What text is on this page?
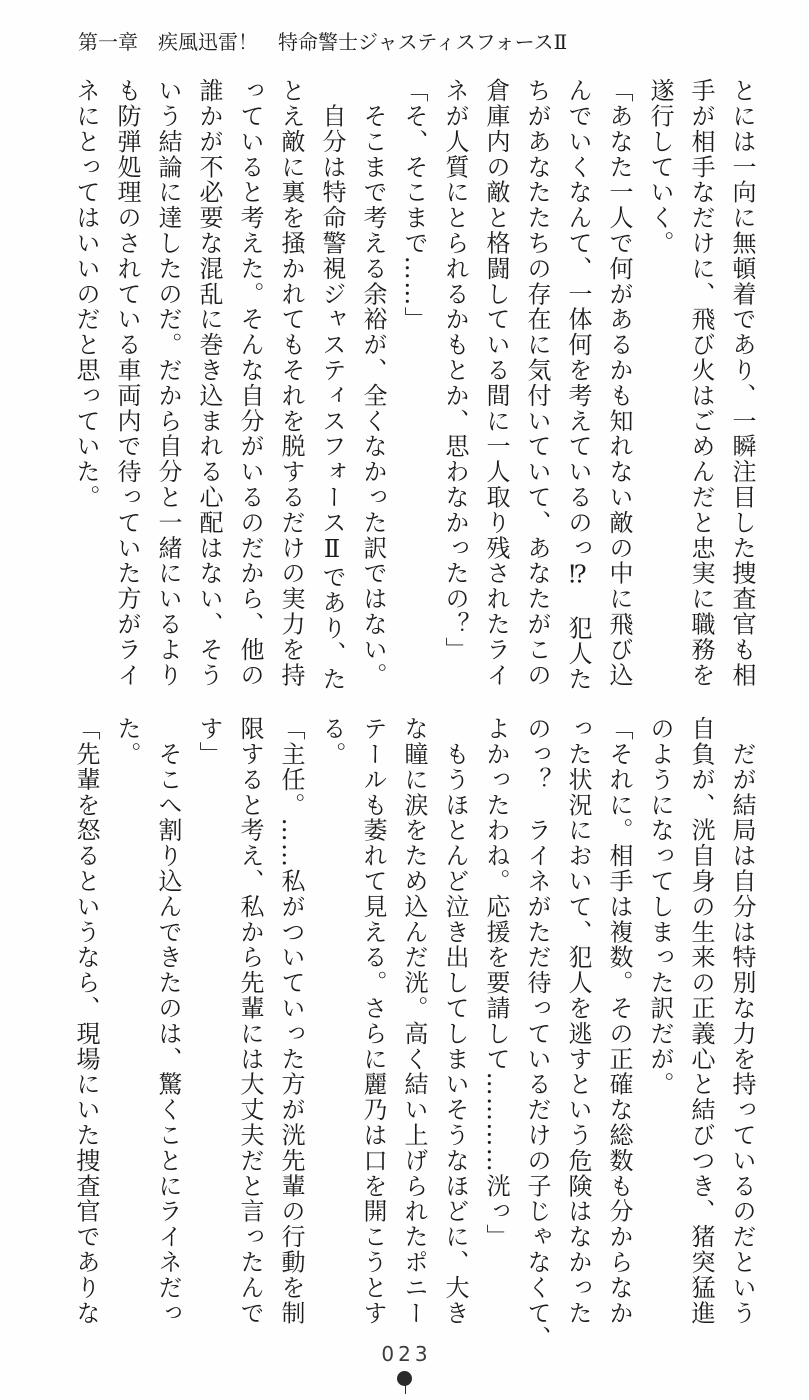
第一章　疾風迅雷！　特命警士ジャスティスフォースⅡ

とには一向に無頓着であり、一瞬注目した捜査官も相

手が相手なだけに、飛び火はごめんだと忠実に職務を

遂行していく。

「あなた一人で何があるかも知れない敵の中に飛び込

んでいくなんて、一体何を考えているのっ⁉　犯人た

ちがあなたたちの存在に気付いていて、あなたがこの

倉庫内の敵と格闘している間に一人取り残されたライ

ネが人質にとられるかもとか、思わなかったの？」

「そ、そこまで……」

　そこまで考える余裕が、全くなかった訳ではない。

　自分は特命警視ジャスティスフォースⅡであり、た

とえ敵に裏を掻かれてもそれを脱するだけの実力を持

っていると考えた。そんな自分がいるのだから、他の

誰かが不必要な混乱に巻き込まれる心配はない、そう

いう結論に達したのだ。だから自分と一緒にいるより

も防弾処理のされている車両内で待っていた方がライ

ネにとってはいいのだと思っていた。

　だが結局は自分は特別な力を持っているのだという

自負が、洸自身の生来の正義心と結びつき、猪突猛進

のようになってしまった訳だが。

「それに。相手は複数。その正確な総数も分からなか

った状況において、犯人を逃すという危険はなかった

のっ？　ライネがただ待っているだけの子じゃなくて、

よかったわね。応援を要請して…………洸っ」

　もうほとんど泣き出してしまいそうなほどに、大き

な瞳に涙をため込んだ洸。高く結い上げられたポニー

テールも萎れて見える。さらに麗乃は口を開こうとす

る。

「主任。……私がついていった方が洸先輩の行動を制

限すると考え、私から先輩には大丈夫だと言ったんで

す」

　そこへ割り込んできたのは、驚くことにライネだっ

た。

「先輩を怒るというなら、現場にいた捜査官でありな

023
